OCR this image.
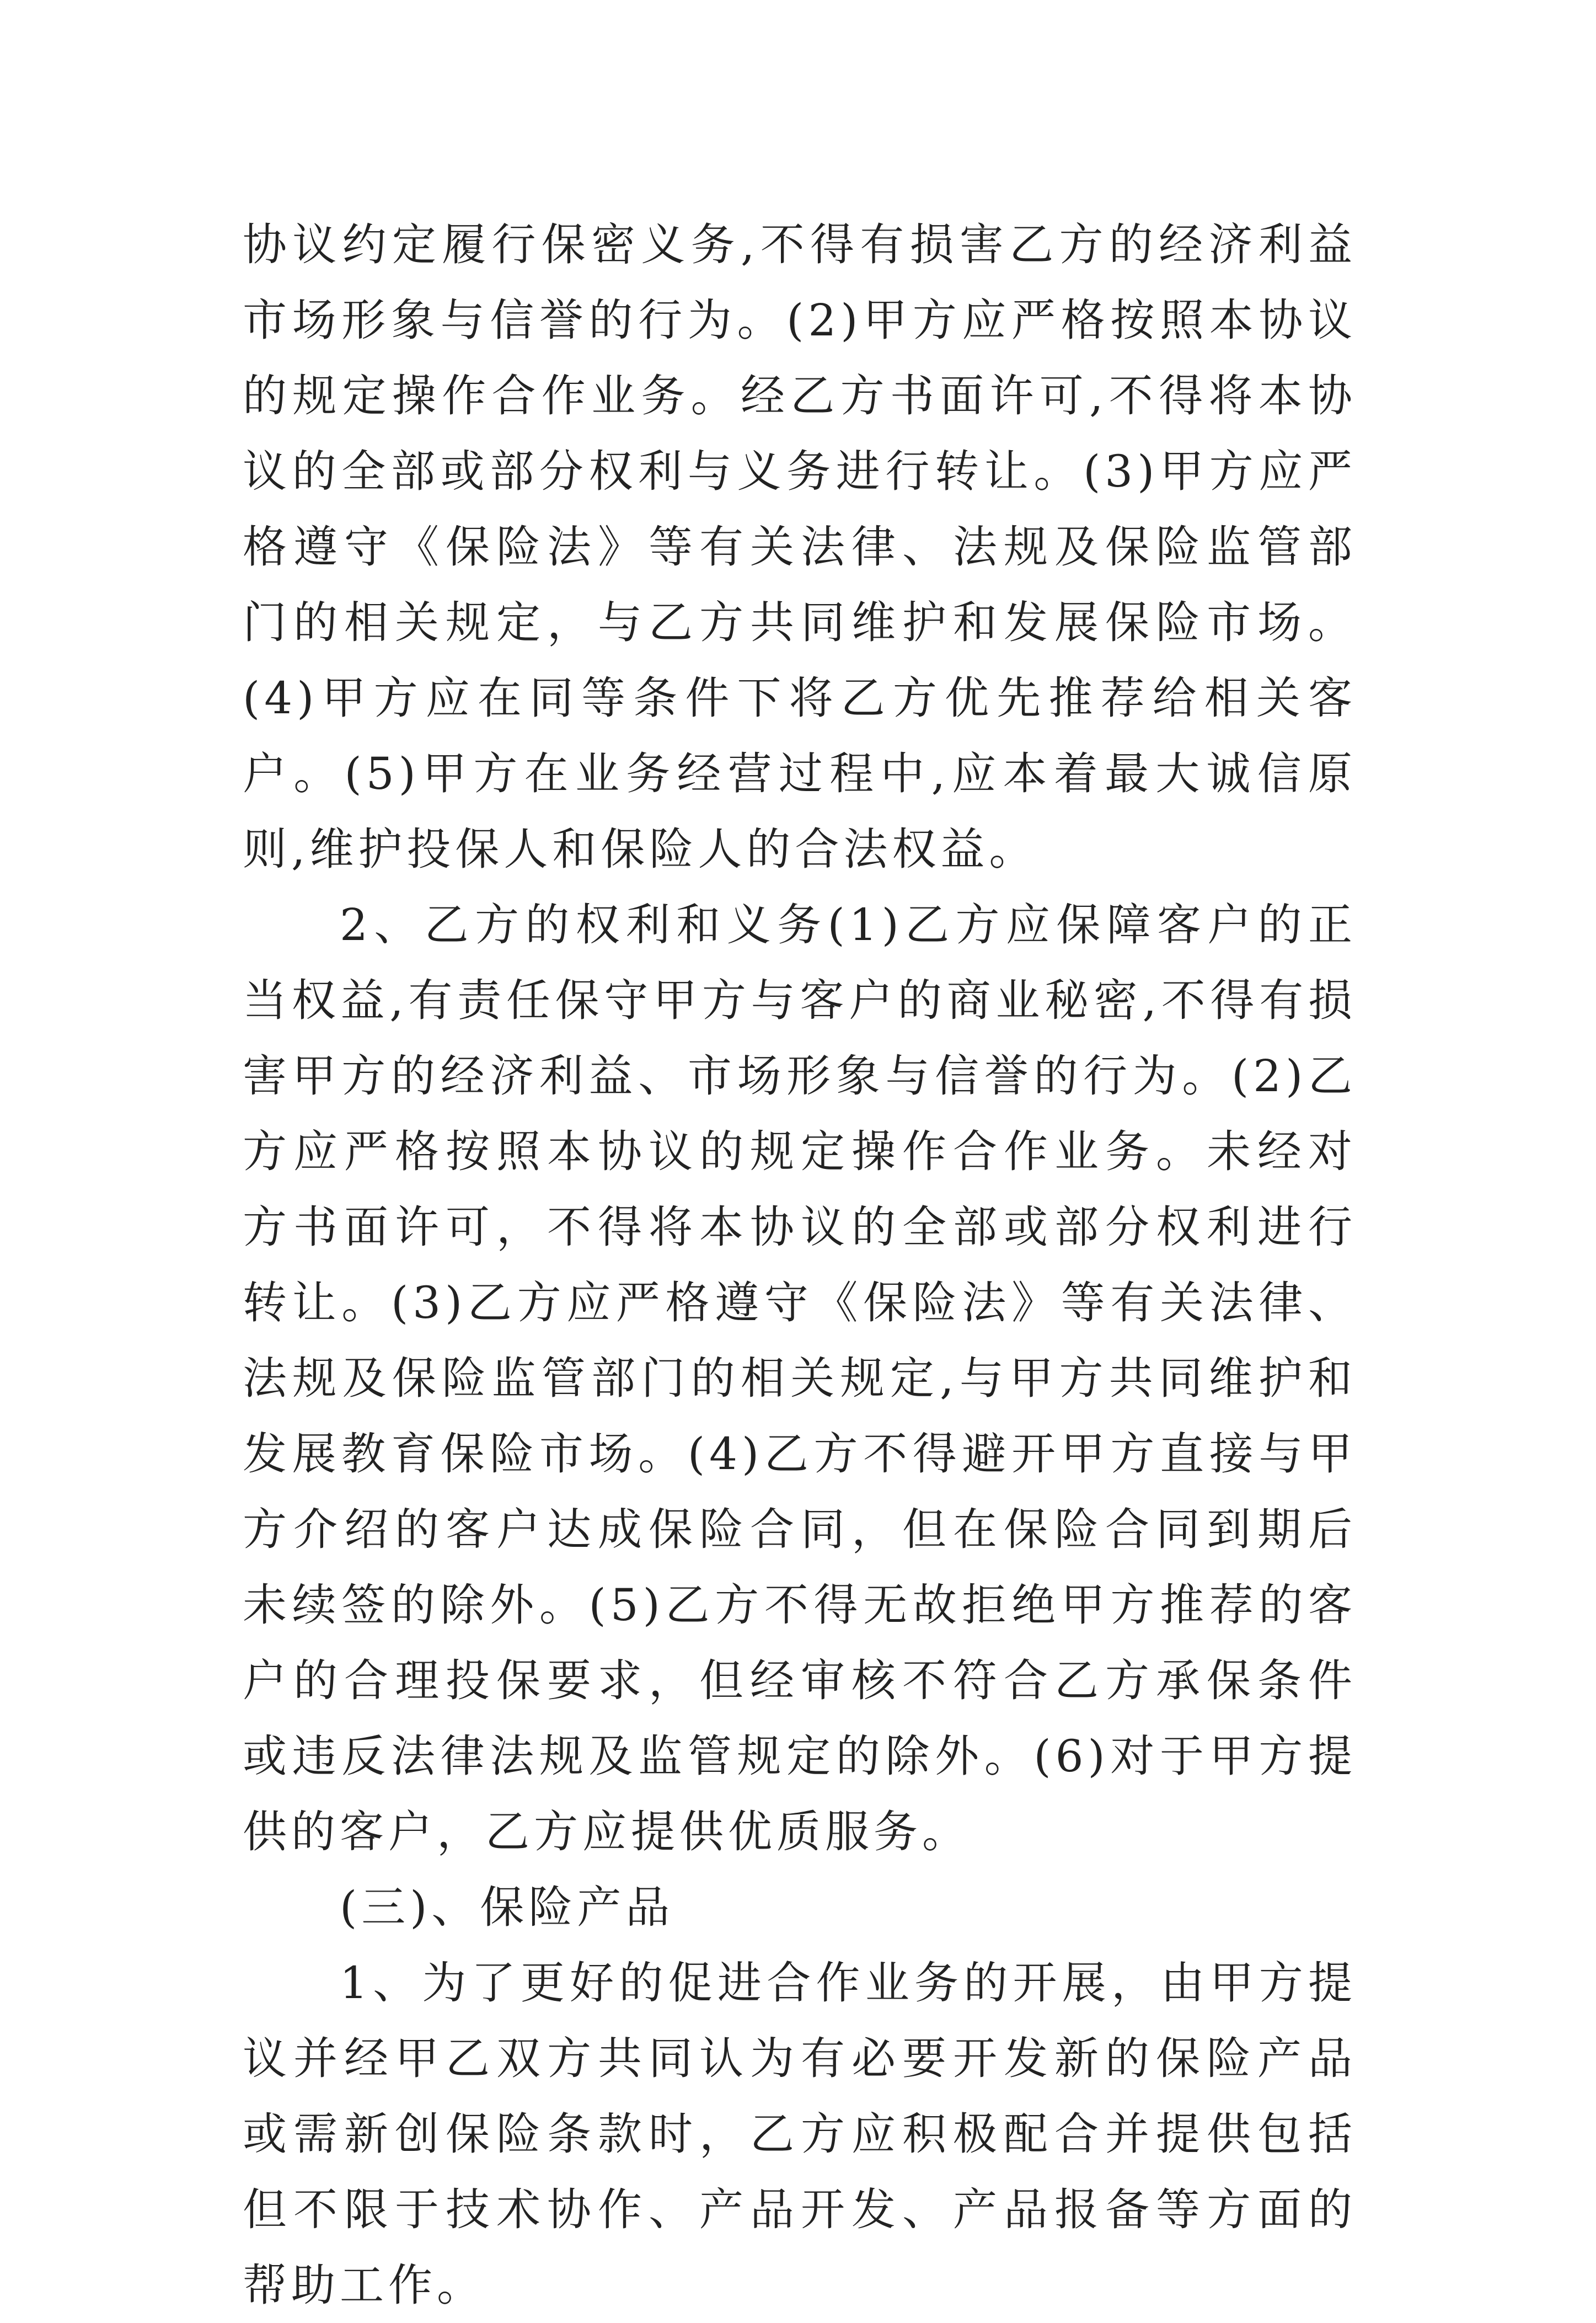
协议约定履行保密义务,不得有损害乙方的经济利益市场形象与信誉的行为。(2)甲方应严格按照本协议的规定操作合作业务。经乙方书面许可,不得将本协议的全部或部分权利与义务进行转让。(3)甲方应严格遵守《保险法》等有关法律、法规及保险监管部门的相关规定，与乙方共同维护和发展保险市场。(4)甲方应在同等条件下将乙方优先推荐给相关客户。(5)甲方在业务经营过程中,应本着最大诚信原则,维护投保人和保险人的合法权益。

2、乙方的权利和义务(1)乙方应保障客户的正当权益,有责任保守甲方与客户的商业秘密,不得有损害甲方的经济利益、市场形象与信誉的行为。(2)乙方应严格按照本协议的规定操作合作业务。未经对方书面许可，不得将本协议的全部或部分权利进行转让。(3)乙方应严格遵守《保险法》等有关法律、法规及保险监管部门的相关规定,与甲方共同维护和发展教育保险市场。(4)乙方不得避开甲方直接与甲方介绍的客户达成保险合同，但在保险合同到期后未续签的除外。(5)乙方不得无故拒绝甲方推荐的客户的合理投保要求，但经审核不符合乙方承保条件或违反法律法规及监管规定的除外。(6)对于甲方提供的客户，乙方应提供优质服务。

(三)、保险产品

1、为了更好的促进合作业务的开展，由甲方提议并经甲乙双方共同认为有必要开发新的保险产品或需新创保险条款时，乙方应积极配合并提供包括但不限于技术协作、产品开发、产品报备等方面的帮助工作。
